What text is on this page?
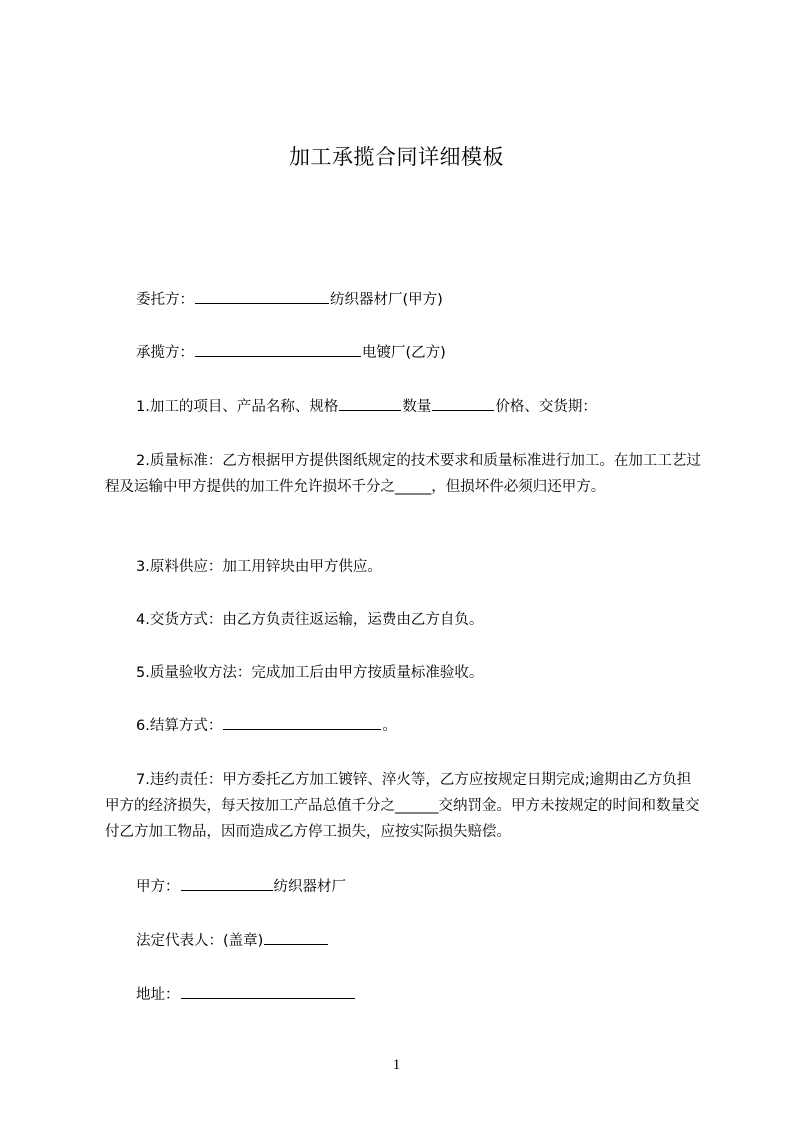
加工承揽合同详细模板
委托方：	纺织器材厂(甲方)
承揽方：	电镀厂(乙方)
1.加工的项目、产品名称、规格	数量	价格、交货期：
2.质量标准：乙方根据甲方提供图纸规定的技术要求和质量标准进行加工。在加工工艺过程及运输中甲方提供的加工件允许损坏千分之_____，但损坏件必须归还甲方。
3.原料供应：加工用锌块由甲方供应。
4.交货方式：由乙方负责往返运输，运费由乙方自负。
5.质量验收方法：完成加工后由甲方按质量标准验收。
6.结算方式：	。
7.违约责任：甲方委托乙方加工镀锌、淬火等，乙方应按规定日期完成;逾期由乙方负担甲方的经济损失，每天按加工产品总值千分之______交纳罚金。甲方未按规定的时间和数量交付乙方加工物品，因而造成乙方停工损失，应按实际损失赔偿。
甲方：	纺织器材厂
法定代表人：(盖章)
地址：
1
